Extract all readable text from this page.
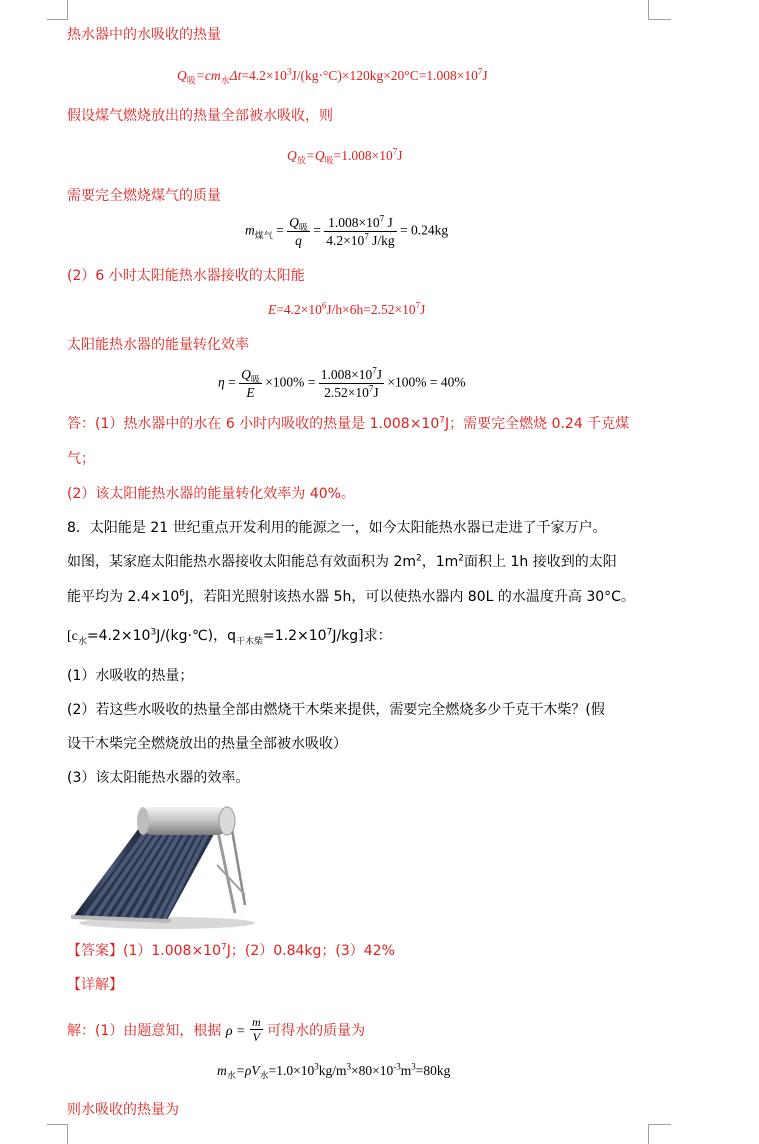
热水器中的水吸收的热量
$Q_吸=cm_水\Delta t=4.2\times 10^3J/(kg\cdot^\circ C)\times 120kg\times 20^\circ C=1.008\times 10^7J$
假设煤气燃烧放出的热量全部被水吸收，则
$Q_放=Q_吸=1.008\times 10^7J$
需要完全燃烧煤气的质量
$m_{煤气} = \frac{Q_吸}{q} = \frac{1.008\times 10^7 J}{4.2\times 10^7 J/kg} = 0.24kg$
(2）6 小时太阳能热水器接收的太阳能
$E=4.2\times 10^6J/h\times 6h=2.52\times 10^7J$
太阳能热水器的能量转化效率
$\eta = \frac{Q_吸}{E} \times 100\% = \frac{1.008\times 10^7J}{2.52\times 10^7J} \times 100\% = 40\%$
答：(1）热水器中的水在 6 小时内吸收的热量是 $1.008\times 10^7J$；需要完全燃烧 0.24 千克煤
气；
(2）该太阳能热水器的能量转化效率为 40%。
8．太阳能是 21 世纪重点开发利用的能源之一，如今太阳能热水器已走进了千家万户。
如图，某家庭太阳能热水器接收太阳能总有效面积为 $2m^2$，$1m^2$面积上 1h 接收到的太阳
能平均为 $2.4\times 10^6J$，若阳光照射该热水器 5h，可以使热水器内 80L 的水温度升高 30°C。
[$c_水=4.2\times 10^3J/(kg\cdot℃)$，$q_{干木柴}=1.2\times 10^7J/kg$]求：
(1）水吸收的热量；
(2）若这些水吸收的热量全部由燃烧干木柴来提供，需要完全燃烧多少千克干木柴？(假
设干木柴完全燃烧放出的热量全部被水吸收）
(3）该太阳能热水器的效率。
【答案】$(1)1.008\times 10^7J$；(2）0.84kg；(3）42%
【详解】
解：(1）由题意知，根据 $\rho = \frac{m}{V}$ 可得水的质量为
$m_水=\rho V_水=1.0\times 10^3kg/m^3\times 80\times 10^{-3}m^3=80kg$
则水吸收的热量为
